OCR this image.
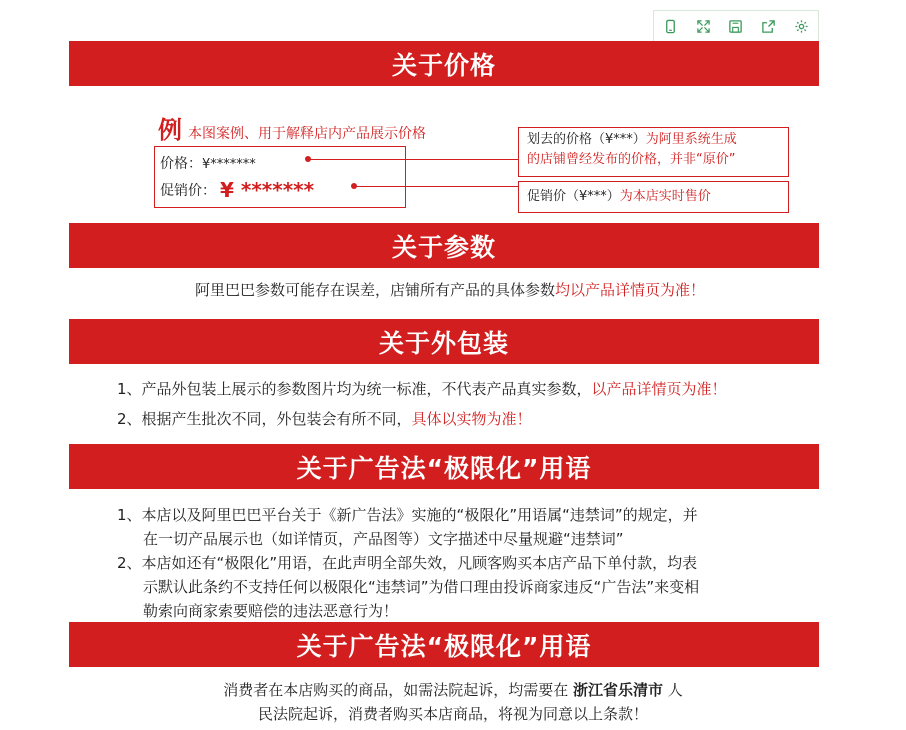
关于价格
例本图案例、用于解释店内产品展示价格
价格：¥*******
促销价： ¥ *******
划去的价格（¥***）为阿里系统生成
的店铺曾经发布的价格，并非“原价”
促销价（¥***）为本店实时售价
关于参数
阿里巴巴参数可能存在误差，店铺所有产品的具体参数均以产品详情页为准！
关于外包装
1、产品外包装上展示的参数图片均为统一标准，不代表产品真实参数，以产品详情页为准！
2、根据产生批次不同，外包装会有所不同，具体以实物为准！
关于广告法“极限化”用语
1、本店以及阿里巴巴平台关于《新广告法》实施的“极限化”用语属“违禁词”的规定，并
在一切产品展示也（如详情页，产品图等）文字描述中尽量规避“违禁词”
2、本店如还有“极限化”用语，在此声明全部失效，凡顾客购买本店产品下单付款，均表
示默认此条约不支持任何以极限化“违禁词”为借口理由投诉商家违反“广告法”来变相
勒索向商家索要赔偿的违法恶意行为！
关于广告法“极限化”用语
消费者在本店购买的商品，如需法院起诉，均需要在 浙江省乐清市 人
民法院起诉，消费者购买本店商品，将视为同意以上条款！
